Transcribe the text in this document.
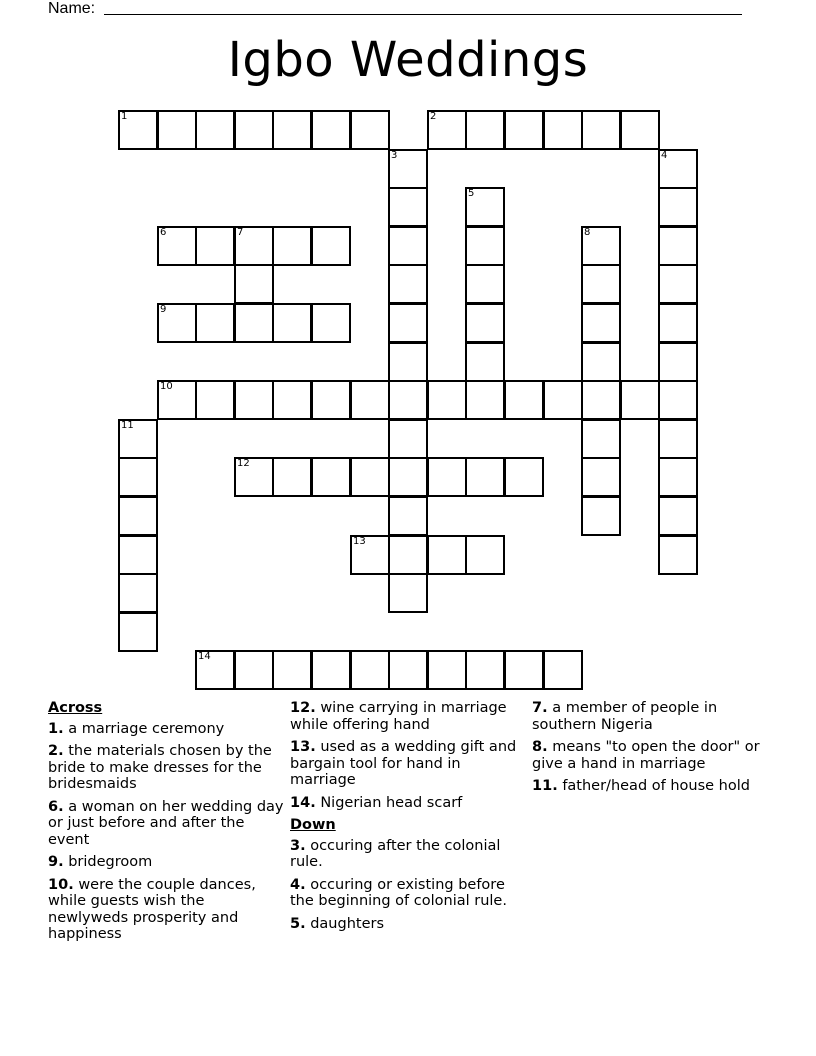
Name:
Igbo Weddings
1	2
3	4
5
6	7	8
9
10
11
12
13
14
Across
1. a marriage ceremony
2. the materials chosen by the bride to make dresses for the bridesmaids
6. a woman on her wedding day or just before and after the event
9. bridegroom
10. were the couple dances, while guests wish the newlyweds prosperity and happiness
12. wine carrying in marriage while offering hand
13. used as a wedding gift and bargain tool for hand in marriage
14. Nigerian head scarf
Down
3. occuring after the colonial rule.
4. occuring or existing before the beginning of colonial rule.
5. daughters
7. a member of people in southern Nigeria
8. means "to open the door" or give a hand in marriage
11. father/head of house hold
